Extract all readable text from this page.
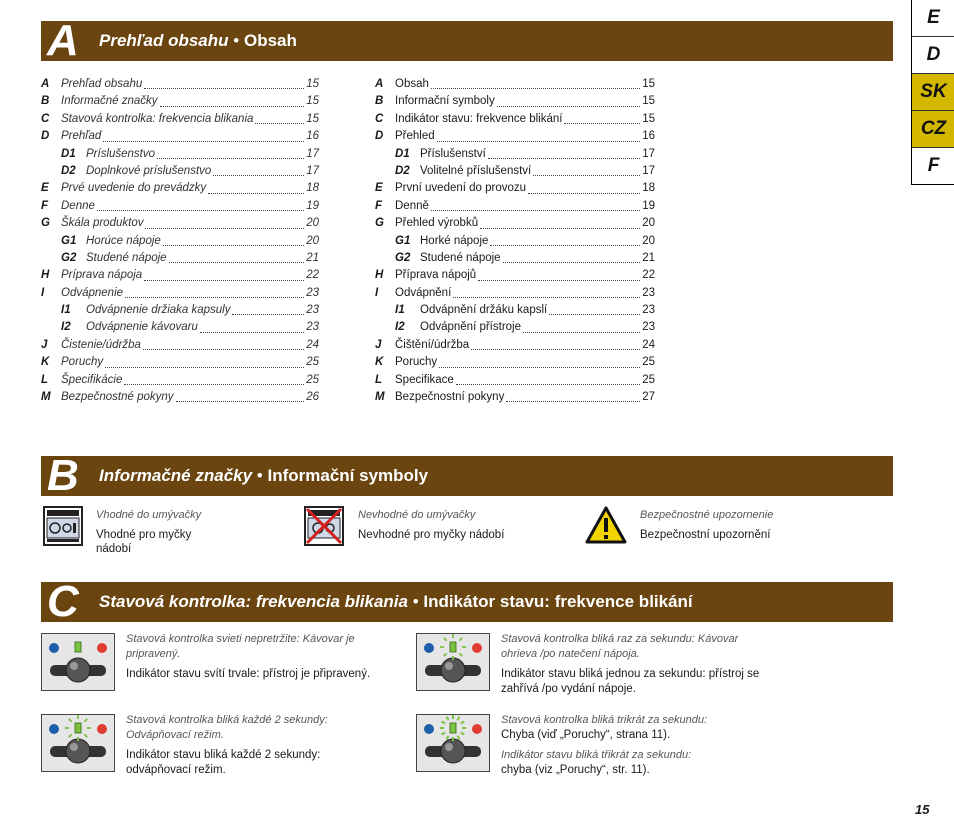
E
D
SK
CZ
F
A Prehľad obsahu • Obsah
A Prehľad obsahu	15
B Informačné značky	15
C Stavová kontrolka: frekvencia blikania	15
D Prehľad	16
D1 Príslušenstvo	17
D2 Doplnkové príslušenstvo	17
E Prvé uvedenie do prevádzky	18
F Denne	19
G Škála produktov	20
G1 Horúce nápoje	20
G2 Studené nápoje	21
H Príprava nápoja	22
I Odvápnenie	23
I1 Odvápnenie držiaka kapsuly	23
I2 Odvápnenie kávovaru	23
J Čistenie/údržba	24
K Poruchy	25
L Špecifikácie	25
M Bezpečnostné pokyny	26
A Obsah	15
B Informační symboly	15
C Indikátor stavu: frekvence blikání	15
D Přehled	16
D1 Příslušenství	17
D2 Volitelné příslušenství	17
E První uvedení do provozu	18
F Denně	19
G Přehled výrobků	20
G1 Horké nápoje	20
G2 Studené nápoje	21
H Příprava nápojů	22
I Odvápnění	23
I1 Odvápnění držáku kapslí	23
I2 Odvápnění přístroje	23
J Čištění/údržba	24
K Poruchy	25
L Specifikace	25
M Bezpečnostní pokyny	27
B Informačné značky • Informační symboly
Vhodné do umývačky
Vhodné pro myčky nádobí
Nevhodné do umývačky
Nevhodné pro myčky nádobí
Bezpečnostné upozornenie
Bezpečnostní upozornění
C Stavová kontrolka: frekvencia blikania • Indikátor stavu: frekvence blikání
Stavová kontrolka svieti nepretržite: Kávovar je pripravený.
Indikátor stavu svítí trvale: přístroj je připravený.
Stavová kontrolka bliká každé 2 sekundy: Odvápňovací režim.
Indikátor stavu bliká každé 2 sekundy: odvápňovací režim.
Stavová kontrolka bliká raz za sekundu: Kávovar ohrieva /po natečení nápoja.
Indikátor stavu bliká jednou za sekundu: přístroj se zahřívá /po vydání nápoje.
Stavová kontrolka bliká trikrát za sekundu:
Chyba (viď „Poruchy“, strana 11).
Indikátor stavu bliká třikrát za sekundu:
chyba (viz „Poruchy“, str. 11).
15
